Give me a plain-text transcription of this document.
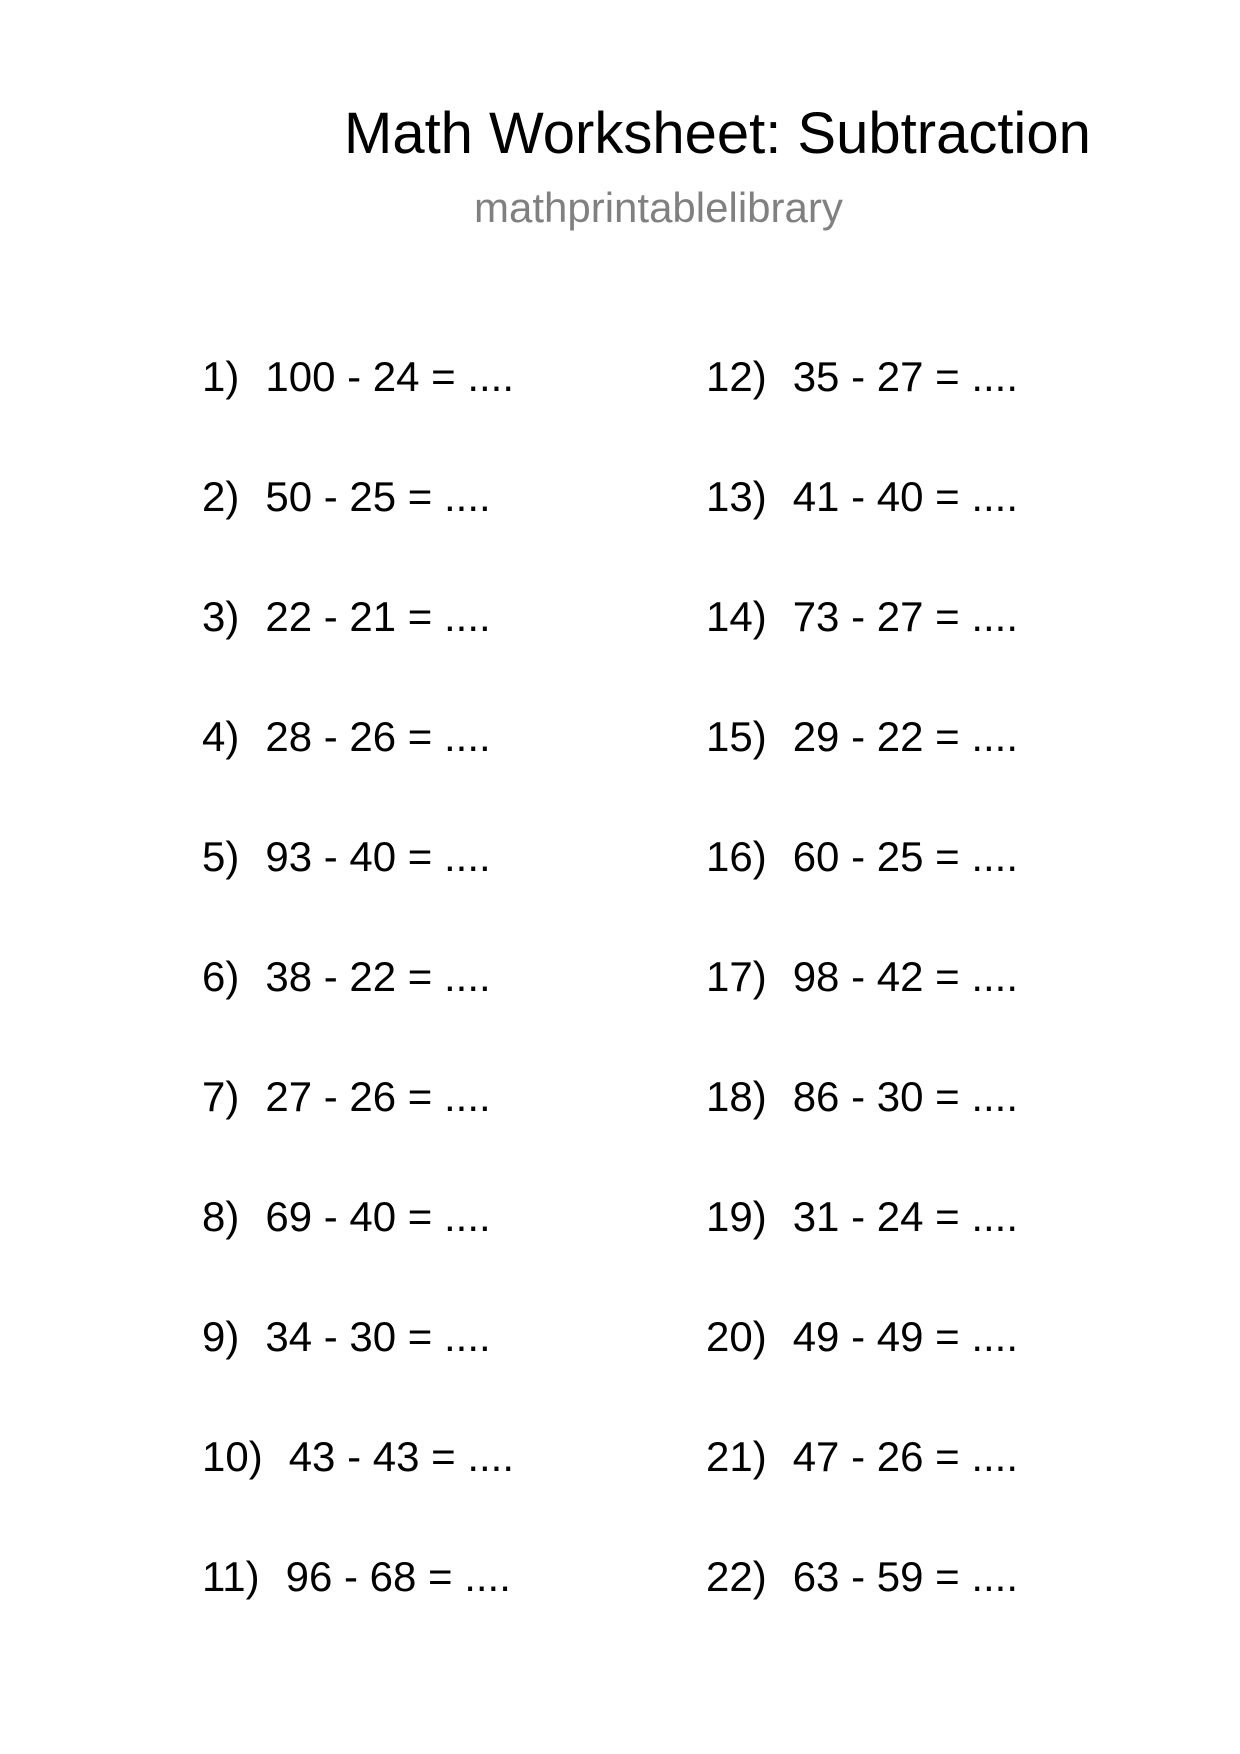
Math Worksheet: Subtraction
mathprintablelibrary
1) 100 - 24 = ....
2) 50 - 25 = ....
3) 22 - 21 = ....
4) 28 - 26 = ....
5) 93 - 40 = ....
6) 38 - 22 = ....
7) 27 - 26 = ....
8) 69 - 40 = ....
9) 34 - 30 = ....
10) 43 - 43 = ....
11) 96 - 68 = ....
12) 35 - 27 = ....
13) 41 - 40 = ....
14) 73 - 27 = ....
15) 29 - 22 = ....
16) 60 - 25 = ....
17) 98 - 42 = ....
18) 86 - 30 = ....
19) 31 - 24 = ....
20) 49 - 49 = ....
21) 47 - 26 = ....
22) 63 - 59 = ....
